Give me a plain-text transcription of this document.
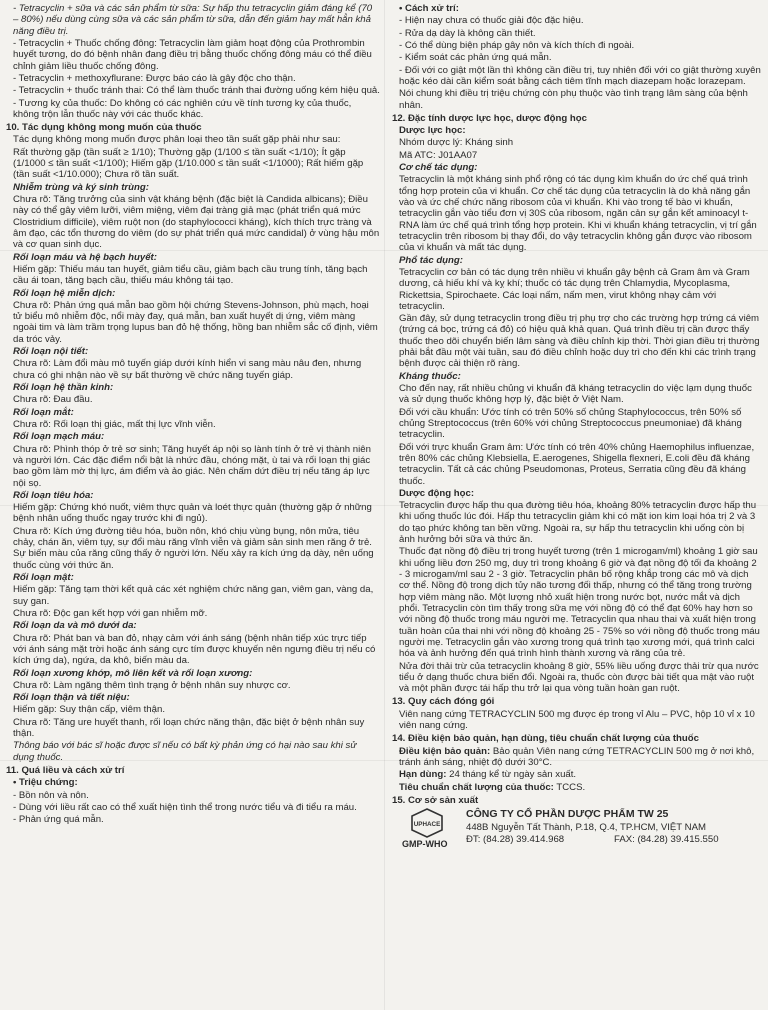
- Tetracyclin + sữa và các sản phẩm từ sữa: Sự hấp thu tetracyclin giảm đáng kể (70 – 80%) nếu dùng cùng sữa và các sản phẩm từ sữa, dẫn đến giảm hay mất hẳn khả năng điều trị.

- Tetracyclin + Thuốc chống đông: Tetracyclin làm giảm hoạt động của Prothrombin huyết tương, do đó bệnh nhân đang điều trị bằng thuốc chống đông máu có thể điều chỉnh giảm liều thuốc chống đông.

- Tetracyclin + methoxyflurane: Được báo cáo là gây độc cho thận.

- Tetracyclin + thuốc tránh thai: Có thể làm thuốc tránh thai đường uống kém hiệu quả.

- Tương kỵ của thuốc: Do không có các nghiên cứu về tính tương kỵ của thuốc, không trộn lẫn thuốc này với các thuốc khác.

10. Tác dụng không mong muốn của thuốc

Tác dụng không mong muốn được phân loại theo tần suất gặp phải như sau:

Rất thường gặp (tần suất ≥ 1/10); Thường gặp (1/100 ≤ tần suất <1/10); Ít gặp (1/1000 ≤ tần suất <1/100); Hiếm gặp (1/10.000 ≤ tần suất <1/1000); Rất hiếm gặp (tần suất <1/10.000); Chưa rõ tần suất.

Nhiễm trùng và ký sinh trùng:

Chưa rõ: Tăng trưởng của sinh vật kháng bệnh (đặc biệt là Candida albicans); Điều này có thể gây viêm lưỡi, viêm miệng, viêm đại tràng giả mạc (phát triển quá mức Clostridium difficile), viêm ruột non (do staphylococci kháng), kích thích trực tràng và âm đạo, các tổn thương do viêm (do sự phát triển quá mức candidal) ở vùng hậu môn và cơ quan sinh dục.

Rối loạn máu và hệ bạch huyết:

Hiếm gặp: Thiếu máu tan huyết, giảm tiểu cầu, giảm bạch cầu trung tính, tăng bạch cầu ái toan, tăng bạch cầu, thiếu máu không tái tạo.

Rối loạn hệ miễn dịch:

Chưa rõ: Phản ứng quá mẫn bao gồm hội chứng Stevens-Johnson, phù mạch, hoại tử biểu mô nhiễm độc, nổi mày đay, quá mẫn, ban xuất huyết dị ứng, viêm màng ngoài tim và làm trầm trọng lupus ban đỏ hệ thống, hồng ban nhiễm sắc cố định, viêm da tróc vảy.

Rối loạn nội tiết:

Chưa rõ: Làm đổi màu mô tuyến giáp dưới kính hiển vi sang màu nâu đen, nhưng chưa có ghi nhận nào về sự bất thường về chức năng tuyến giáp.

Rối loạn hệ thần kinh:

Chưa rõ: Đau đầu.

Rối loạn mắt:

Chưa rõ: Rối loạn thị giác, mất thị lực vĩnh viễn.

Rối loạn mạch máu:

Chưa rõ: Phình thóp ở trẻ sơ sinh; Tăng huyết áp nội sọ lành tính ở trẻ vị thành niên và người lớn. Các đặc điểm nổi bật là nhức đầu, chóng mặt, ù tai và rối loạn thị giác bao gồm làm mờ thị lực, ám điểm và ảo giác. Nên chấm dứt điều trị nếu tăng áp lực nội sọ.

Rối loạn tiêu hóa:

Hiếm gặp: Chứng khó nuốt, viêm thực quản và loét thực quản (thường gặp ở những bệnh nhân uống thuốc ngay trước khi đi ngủ).

Chưa rõ: Kích ứng đường tiêu hóa, buồn nôn, khó chịu vùng bụng, nôn mửa, tiêu chảy, chán ăn, viêm tụy, sự đổi màu răng vĩnh viễn và giảm sản sinh men răng ở trẻ. Sự biến màu của răng cũng thấy ở người lớn. Nếu xảy ra kích ứng dạ dày, nên uống thuốc cùng với thức ăn.

Rối loạn mật:

Hiếm gặp: Tăng tạm thời kết quả các xét nghiệm chức năng gan, viêm gan, vàng da, suy gan.

Chưa rõ: Độc gan kết hợp với gan nhiễm mỡ.

Rối loạn da và mô dưới da:

Chưa rõ: Phát ban và ban đỏ, nhạy cảm với ánh sáng (bệnh nhân tiếp xúc trực tiếp với ánh sáng mặt trời hoặc ánh sáng cực tím được khuyến nên ngưng điều trị nếu có kích ứng da), ngứa, da khô, biến màu da.

Rối loạn xương khớp, mô liên kết và rối loạn xương:

Chưa rõ: Làm ngăng thêm tình trạng ở bệnh nhân suy nhược cơ.

Rối loạn thận và tiết niệu:

Hiếm gặp: Suy thận cấp, viêm thận.

Chưa rõ: Tăng ure huyết thanh, rối loạn chức năng thận, đặc biệt ở bệnh nhân suy thận.

Thông báo với bác sĩ hoặc được sĩ nếu có bất kỳ phản ứng có hại nào sau khi sử dụng thuốc.

11. Quá liều và cách xử trí

• Triệu chứng:

- Bồn nôn và nôn.

- Dùng với liều rất cao có thể xuất hiện tình thể trong nước tiểu và đi tiểu ra máu.

- Phản ứng quá mẫn.

• Cách xử trí:

- Hiện nay chưa có thuốc giải độc đặc hiệu.

- Rửa dạ dày là không cần thiết.

- Có thể dùng biện pháp gây nôn và kích thích đi ngoài.

- Kiểm soát các phản ứng quá mẫn.

- Đối với co giật một lần thì không cần điều trị, tuy nhiên đối với co giật thường xuyên hoặc kéo dài cần kiểm soát bằng cách tiêm tĩnh mạch diazepam hoặc lorazepam.

Nói chung khi điều trị triệu chứng còn phụ thuộc vào tình trạng lâm sàng của bệnh nhân.

12. Đặc tính dược lực học, dược động học

Dược lực học:

Nhóm dược lý: Kháng sinh

Mã ATC: J01AA07

Cơ chế tác dụng:

Tetracyclin là một kháng sinh phổ rộng có tác dụng kìm khuẩn do ức chế quá trình tổng hợp protein của vi khuẩn. Cơ chế tác dụng của tetracyclin là do khả năng gắn vào và ức chế chức năng ribosom của vi khuẩn. Khi vào trong tế bào vi khuẩn, tetracyclin gắn vào tiểu đơn vị 30S của ribosom, ngăn cản sự gắn kết aminoacyl t-RNA làm ức chế quá trình tổng hợp protein. Khi vi khuẩn kháng tetracyclin, vị trí gắn tetracyclin trên ribosom bị thay đổi, do vậy tetracyclin không gắn được vào ribosom của vi khuẩn và mất tác dụng.

Phổ tác dụng:

Tetracyclin cơ bản có tác dụng trên nhiều vi khuẩn gây bệnh cả Gram âm và Gram dương, cả hiếu khí và kỵ khí; thuốc có tác dụng trên Chlamydia, Mycoplasma, Rickettsia, Spirochaete. Các loại nấm, nấm men, virut không nhạy cảm với tetracyclin.

Gần đây, sử dụng tetracyclin trong điều trị phụ trợ cho các trường hợp trứng cá viêm (trứng cá bọc, trứng cá đỏ) có hiệu quả khả quan. Quá trình điều trị cần được thấy thuốc theo dõi chuyển biến lâm sàng và điều chỉnh kịp thời. Thời gian điều trị thường phải bắt đầu một vài tuần, sau đó điều chỉnh hoặc duy trì cho đến khi các trình trạng bệnh được cải thiện rõ ràng.

Kháng thuốc:

Cho đến nay, rất nhiều chủng vi khuẩn đã kháng tetracyclin do việc lạm dụng thuốc và sử dụng thuốc không hợp lý, đặc biệt ở Việt Nam.

Đối với cầu khuẩn: Ước tính có trên 50% số chủng Staphylococcus, trên 50% số chủng Streptococcus (trên 60% với chủng Streptococcus pneumoniae) đã kháng tetracyclin.

Đối với trực khuẩn Gram âm: Ước tính có trên 40% chủng Haemophilus influenzae, trên 80% các chủng Klebsiella, E.aerogenes, Shigella flexneri, E.coli đều đã kháng tetracyclin. Tất cả các chủng Pseudomonas, Proteus, Serratia cũng đều đã kháng thuốc.

Dược động học:

Tetracyclin được hấp thu qua đường tiêu hóa, khoảng 80% tetracyclin được hấp thu khi uống thuốc lúc đói. Hấp thu tetracyclin giảm khi có mặt ion kim loại hóa trị 2 và 3 do tạo phức không tan bền vững. Ngoài ra, sự hấp thu tetracyclin khi uống còn bị ảnh hưởng bởi sữa và thức ăn.

Thuốc đạt nồng độ điều trị trong huyết tương (trên 1 microgam/ml) khoảng 1 giờ sau khi uống liều đơn 250 mg, duy trì trong khoảng 6 giờ và đạt nồng độ tối đa khoảng 2 - 3 microgam/ml sau 2 - 3 giờ. Tetracyclin phân bố rộng khắp trong các mô và dịch cơ thể. Nồng độ trong dịch tủy não tương đối thấp, nhưng có thể tăng trong trường hợp viêm màng não. Một lượng nhỏ xuất hiện trong nước bọt, nước mắt và dịch phổi. Tetracyclin còn tìm thấy trong sữa mẹ với nồng độ có thể đạt 60% hay hơn so với nồng độ thuốc trong máu người mẹ. Tetracyclin qua nhau thai và xuất hiện trong tuần hoàn của thai nhi với nồng độ khoảng 25 - 75% so với nồng độ thuốc trong máu người mẹ. Tetracyclin gắn vào xương trong quá trình tạo xương mới, quá trình calci hóa và ảnh hưởng đến quá trình hình thành xương và răng của trẻ.

Nửa đời thải trừ của tetracyclin khoảng 8 giờ, 55% liều uống được thải trừ qua nước tiểu ở dạng thuốc chưa biến đổi. Ngoài ra, thuốc còn được bài tiết qua mật vào ruột và một phần được tái hấp thu trở lại qua vòng tuần hoàn gan ruột.

13. Quy cách đóng gói

Viên nang cứng TETRACYCLIN 500 mg được ép trong vỉ Alu – PVC, hộp 10 vỉ x 10 viên nang cứng.

14. Điều kiện bảo quản, hạn dùng, tiêu chuẩn chất lượng của thuốc

Điều kiện bảo quản: Bảo quản Viên nang cứng TETRACYCLIN 500 mg ở nơi khô, tránh ánh sáng, nhiệt độ dưới 30°C.

Hạn dùng: 24 tháng kể từ ngày sản xuất.

Tiêu chuẩn chất lượng của thuốc: TCCS.

15. Cơ sở sản xuất

UPHACE
GMP-WHO
CÔNG TY CỔ PHẦN DƯỢC PHẨM TW 25
448B Nguyễn Tất Thành, P.18, Q.4, TP.HCM, VIỆT NAM
ĐT: (84.28) 39.414.968	FAX: (84.28) 39.415.550
